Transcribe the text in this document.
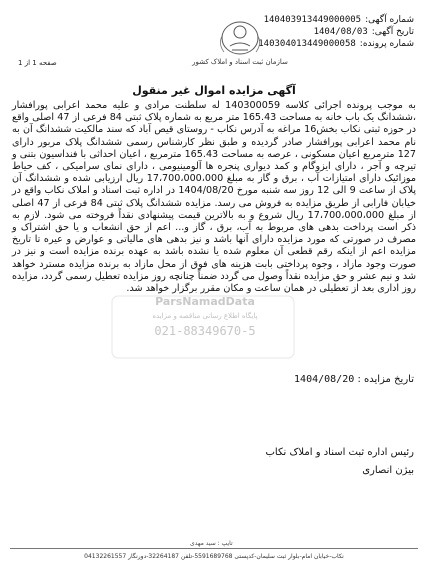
شماره آگهی:
140403913449000005
تاریخ آگهی:
1404/08/03
شماره پرونده:
140304013449000058
سازمان ثبت اسناد و املاک کشور
صفحه 1 از 1
آگهی مزایده اموال غیر منقول
به موجب پرونده اجرائی کلاسه 140300059 له سلطنت مرادی و علیه محمد اعرابی پورافشار ،ششدانگ یک باب خانه به مساحت 165.43 متر مربع به شماره پلاک ثبتی 84 فرعی از 47 اصلی واقع در حوزه ثبتی نکاب بخش16 مراغه به آدرس نکاب - روستای قیص آباد که سند مالکیت ششدانگ آن به نام محمد اعرابی پورافشار صادر گردیده و طبق نظر کارشناس رسمی ششدانگ پلاک مربور دارای 127 مترمربع اعیان مسکونی ، عرصه به مساحت 165.43 مترمربع ، اعیان احداثی با فنداسیون بتنی و تیرچه و آجر ، دارای ایزوگام و کمد دیواری پنجره ها آلومینیومی ، دارای نمای سرامیکی ، کف حیاط موزائیک دارای امتیازات آب ، برق و گاز به مبلغ 17،700،000،000 ریال ارزیابی شده و ششدانگ آن پلاک از ساعت 9 الی 12 روز سه شنبه مورخ 1404/08/20 در اداره ثبت اسناد و املاک نکاب واقع در خیابان فارابی از طریق مزایده به فروش می رسد. مزایده ششدانگ پلاک ثبتی 84 فرعی از 47 اصلی از مبلغ 17،700،000،000 ریال شروع و به بالاترین قیمت پیشنهادی نقداً فروخته می شود. لازم به ذکر است پرداخت بدهی های مربوط به آب، برق ، گاز و... اعم از حق انشعاب و یا حق اشتراک و مصرف در صورتی که مورد مزایده دارای آنها باشد و نیز بدهی های مالیاتی و عوارض و عیره تا تاریخ مزایده اعم از اینکه رقم قطعی آن معلوم شده یا نشده باشد به عهده برنده مزایده است و نیز در صورت وجود مازاد ، وجوه پرداختی بابت هزینه های فوق از محل مازاد به برنده مزایده مسترد خواهد شد و نیم عشر و حق مزایده نقداً وصول می گردد ضمناً چنانچه روز مزایده تعطیل رسمی گردد، مزایده روز اداری بعد از تعطیلی در همان ساعت و مکان مقرر برگزار خواهد شد.
ParsNamadData
پایگاه اطلاع رسانی مناقصه و مزایده
021-88349670-5
تاریخ مزایده : 1404/08/20
رئیس اداره ثبت اسناد و املاک نکاب
بیژن انصاری
تایپ : سید مهدی
نکاب-خیابان امام-بلوار ثبت سلیمان-کدپستی 5591689768-تلفن 32264187-دورنگار 04132261557
